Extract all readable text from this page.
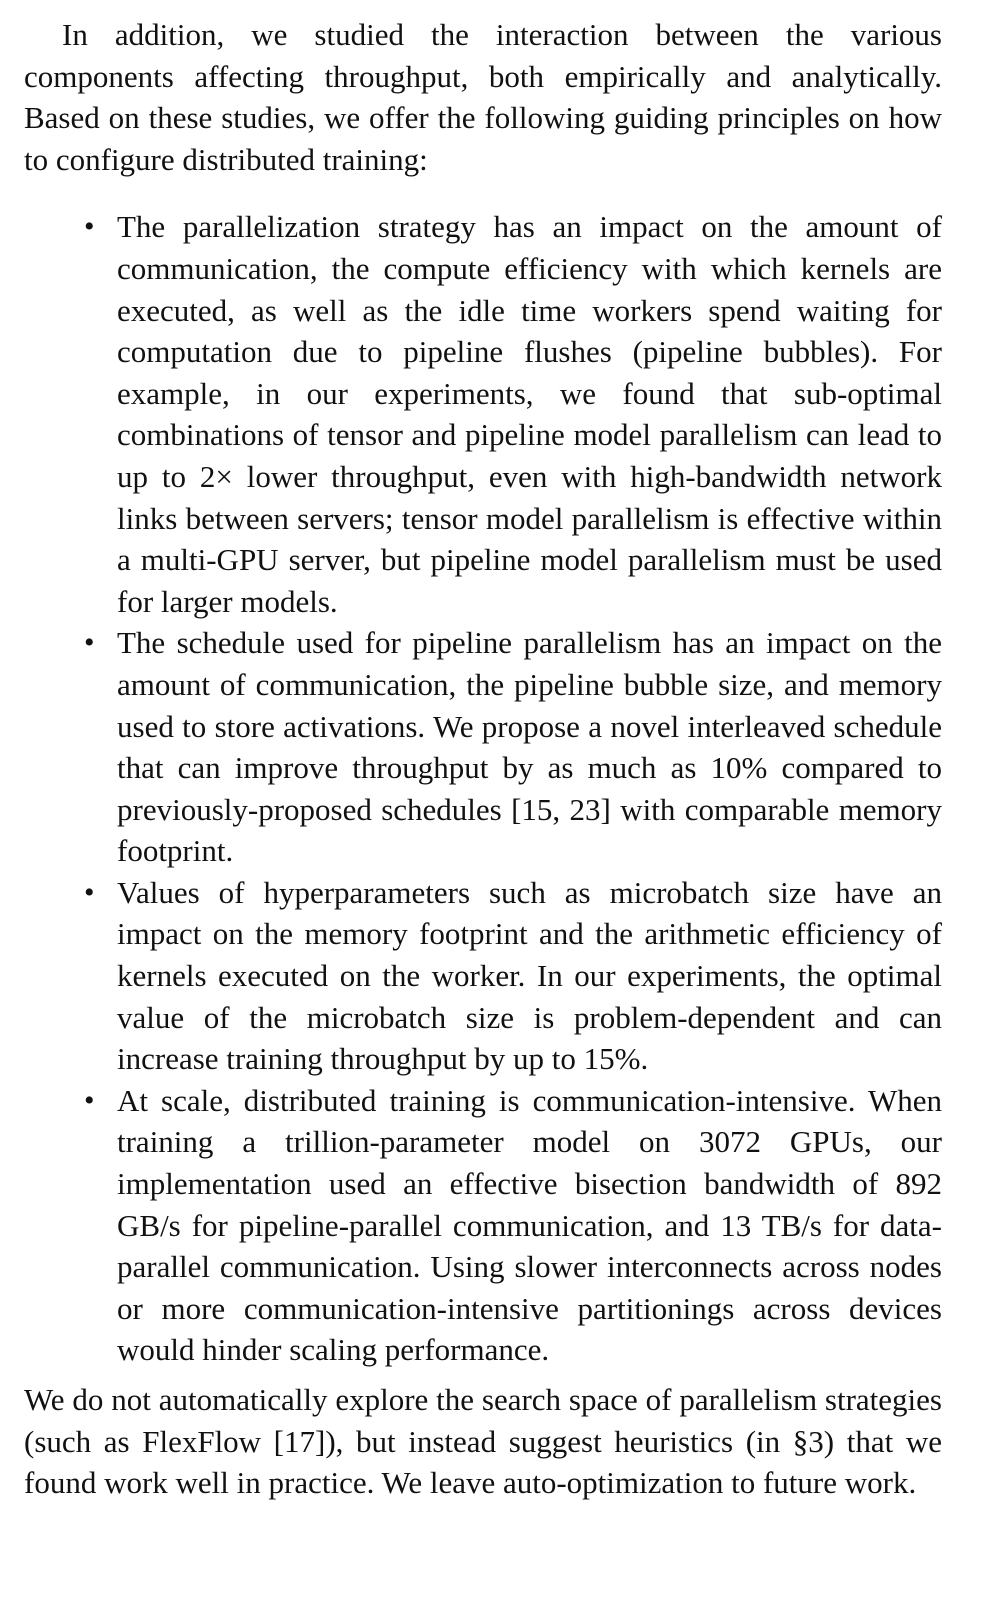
In addition, we studied the interaction between the various components affecting throughput, both empirically and analytically. Based on these studies, we offer the following guiding principles on how to configure distributed training:

• The parallelization strategy has an impact on the amount of communication, the compute efficiency with which kernels are executed, as well as the idle time workers spend waiting for computation due to pipeline flushes (pipeline bubbles). For example, in our experiments, we found that sub-optimal combinations of tensor and pipeline model parallelism can lead to up to 2× lower throughput, even with high-bandwidth network links between servers; tensor model parallelism is effective within a multi-GPU server, but pipeline model parallelism must be used for larger models.
• The schedule used for pipeline parallelism has an impact on the amount of communication, the pipeline bubble size, and memory used to store activations. We propose a novel interleaved schedule that can improve throughput by as much as 10% compared to previously-proposed schedules [15, 23] with comparable memory footprint.
• Values of hyperparameters such as microbatch size have an impact on the memory footprint and the arithmetic efficiency of kernels executed on the worker. In our experiments, the optimal value of the microbatch size is problem-dependent and can increase training throughput by up to 15%.
• At scale, distributed training is communication-intensive. When training a trillion-parameter model on 3072 GPUs, our implementation used an effective bisection bandwidth of 892 GB/s for pipeline-parallel communication, and 13 TB/s for data-parallel communication. Using slower interconnects across nodes or more communication-intensive partitionings across devices would hinder scaling performance.

We do not automatically explore the search space of parallelism strategies (such as FlexFlow [17]), but instead suggest heuristics (in §3) that we found work well in practice. We leave auto-optimization to future work.
